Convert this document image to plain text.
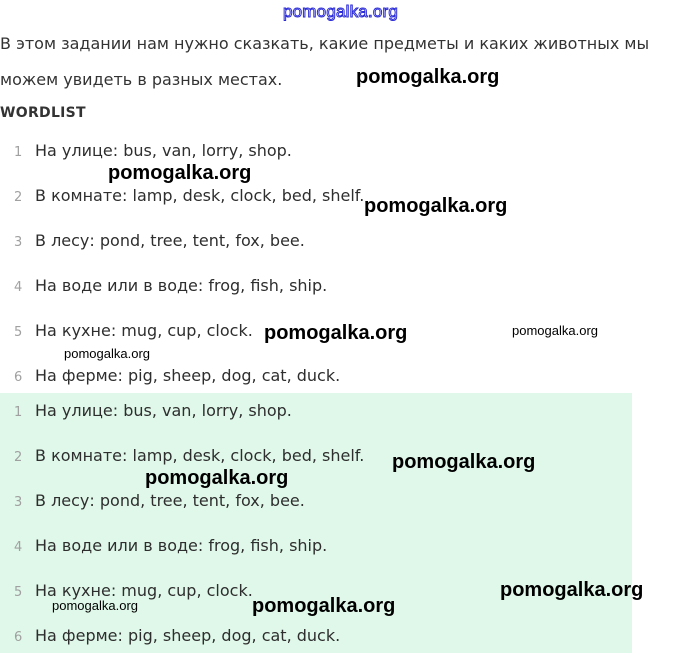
pomogalka.org
В этом задании нам нужно сказкать, какие предметы и каких животных мы
можем увидеть в разных местах.
WORDLIST
1 На улице: bus, van, lorry, shop.
2 В комнате: lamp, desk, clock, bed, shelf.
3 В лесу: pond, tree, tent, fox, bee.
4 На воде или в воде: frog, fish, ship.
5 На кухне: mug, cup, clock.
6 На ферме: pig, sheep, dog, cat, duck.
1 На улице: bus, van, lorry, shop.
2 В комнате: lamp, desk, clock, bed, shelf.
3 В лесу: pond, tree, tent, fox, bee.
4 На воде или в воде: frog, fish, ship.
5 На кухне: mug, cup, clock.
6 На ферме: pig, sheep, dog, cat, duck.
pomogalka.org
pomogalka.org
pomogalka.org
pomogalka.org	pomogalka.org
pomogalka.org
pomogalka.org
pomogalka.org
pomogalka.org
pomogalka.org	pomogalka.org
